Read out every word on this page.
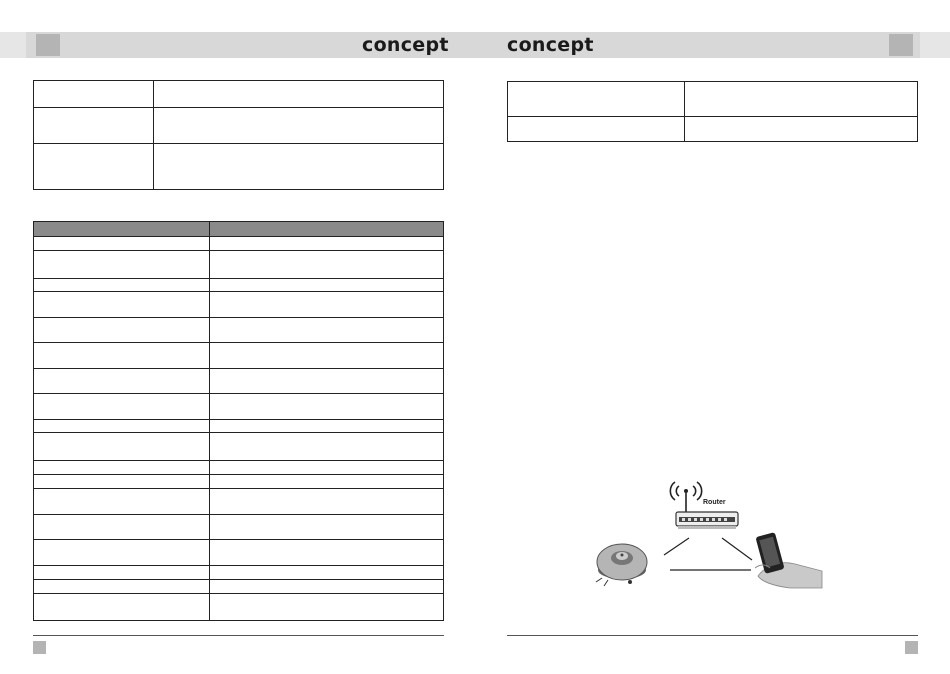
concept	concept

Router
